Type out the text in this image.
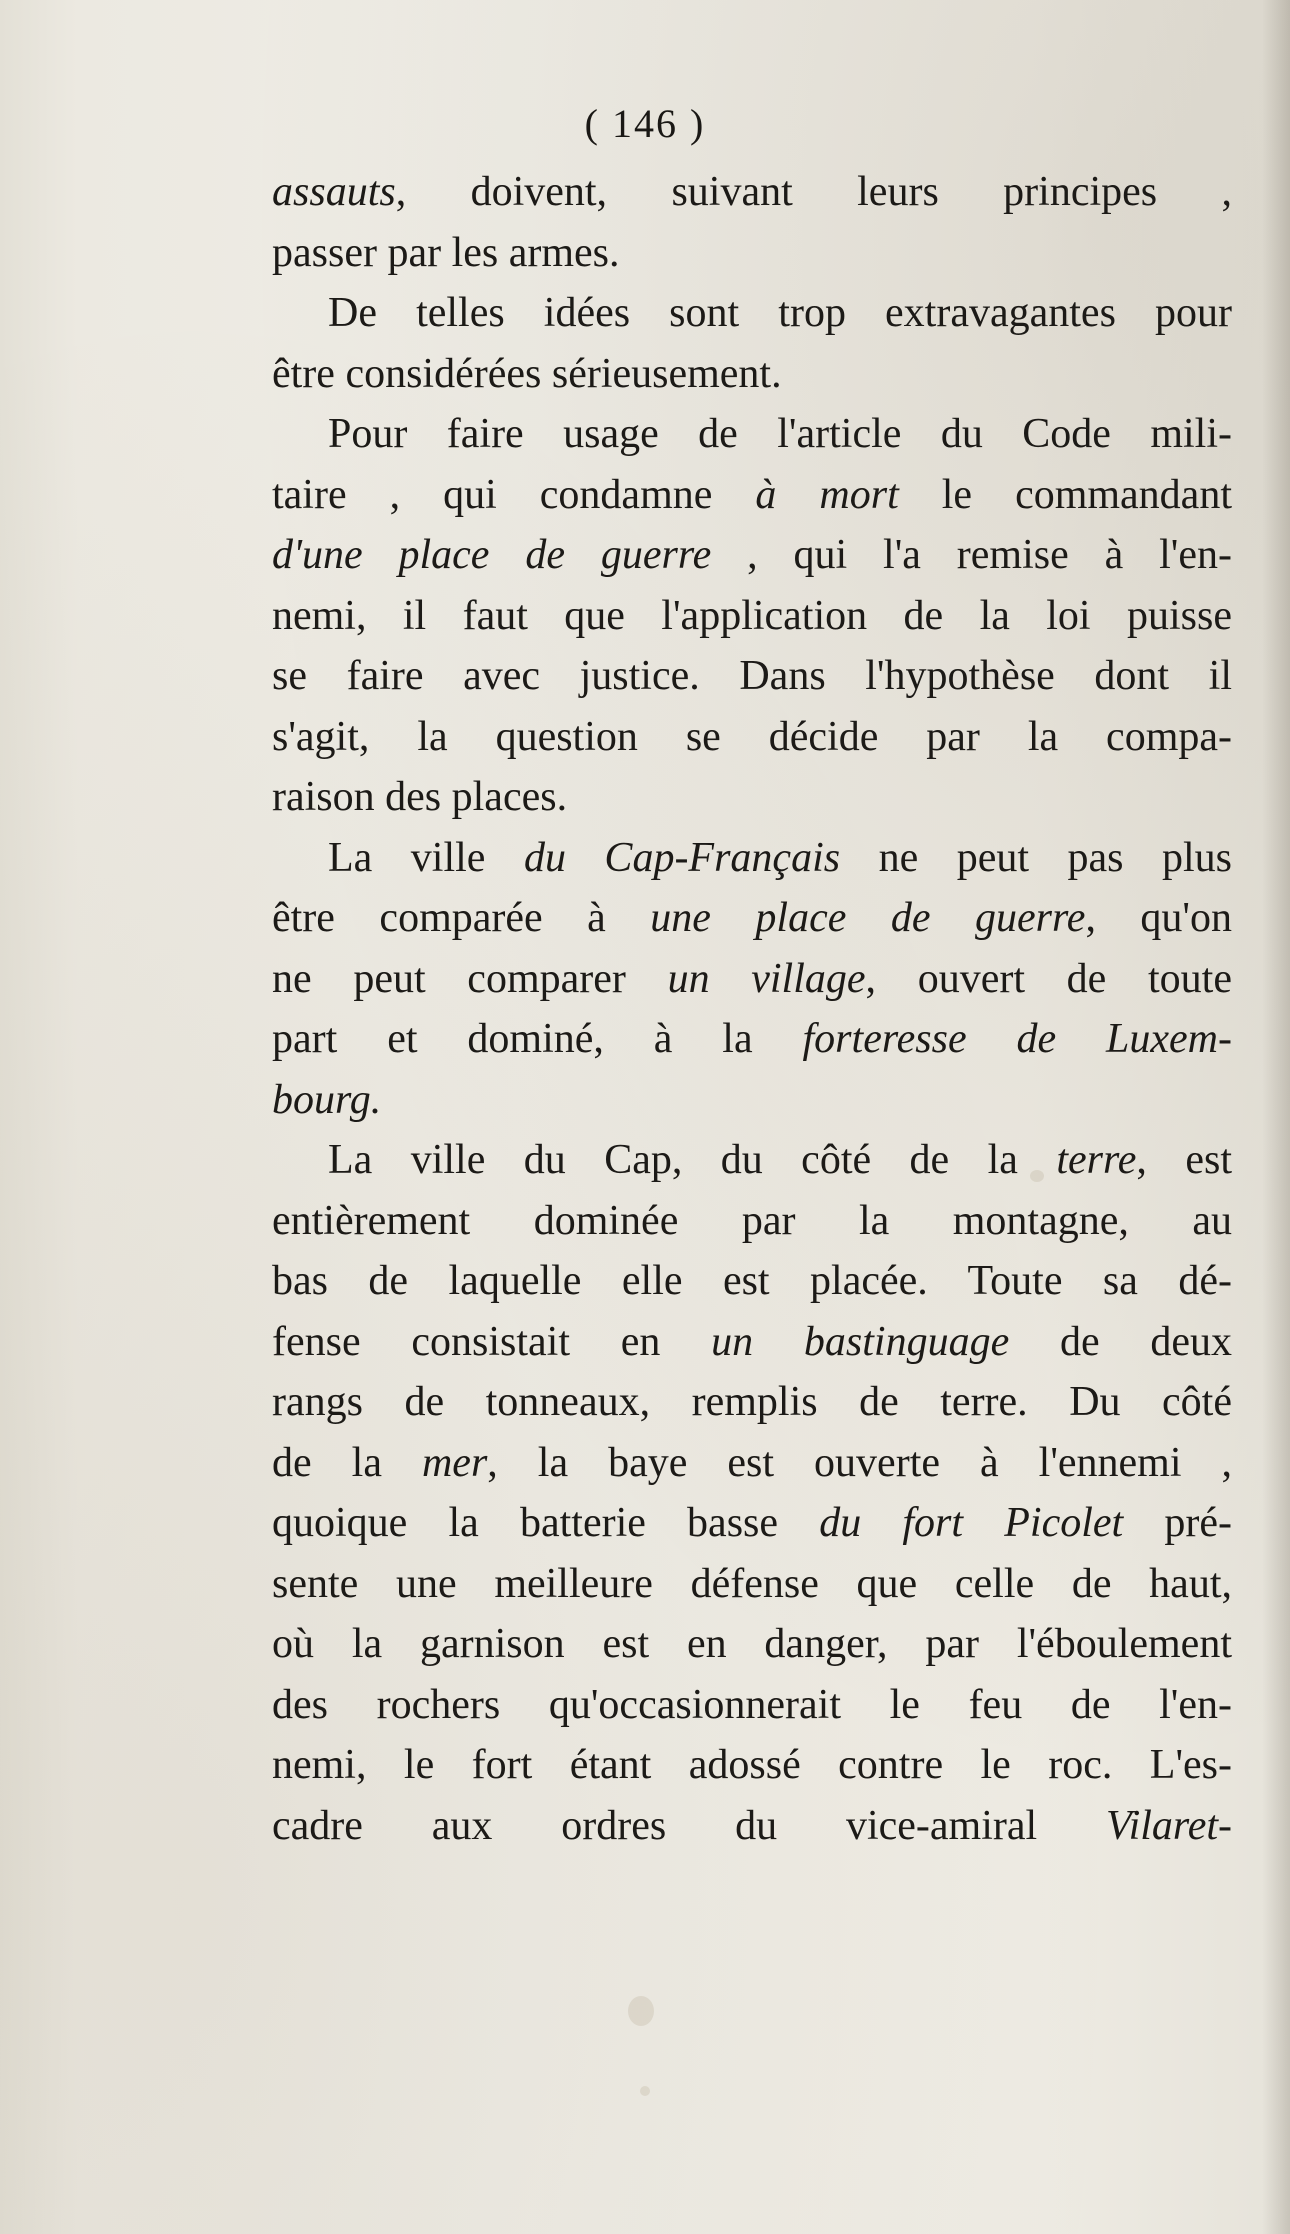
( 146 )
assauts, doivent, suivant leurs principes ,
passer par les armes.
De telles idées sont trop extravagantes pour
être considérées sérieusement.
Pour faire usage de l'article du Code mili-
taire , qui condamne à mort le commandant
d'une place de guerre , qui l'a remise à l'en-
nemi, il faut que l'application de la loi puisse
se faire avec justice. Dans l'hypothèse dont il
s'agit, la question se décide par la compa-
raison des places.
La ville du Cap-Français ne peut pas plus
être comparée à une place de guerre, qu'on
ne peut comparer un village, ouvert de toute
part et dominé, à la forteresse de Luxem-
bourg.
La ville du Cap, du côté de la terre, est
entièrement dominée par la montagne, au
bas de laquelle elle est placée. Toute sa dé-
fense consistait en un bastinguage de deux
rangs de tonneaux, remplis de terre. Du côté
de la mer, la baye est ouverte à l'ennemi ,
quoique la batterie basse du fort Picolet pré-
sente une meilleure défense que celle de haut,
où la garnison est en danger, par l'éboulement
des rochers qu'occasionnerait le feu de l'en-
nemi, le fort étant adossé contre le roc. L'es-
cadre aux ordres du vice-amiral Vilaret-
